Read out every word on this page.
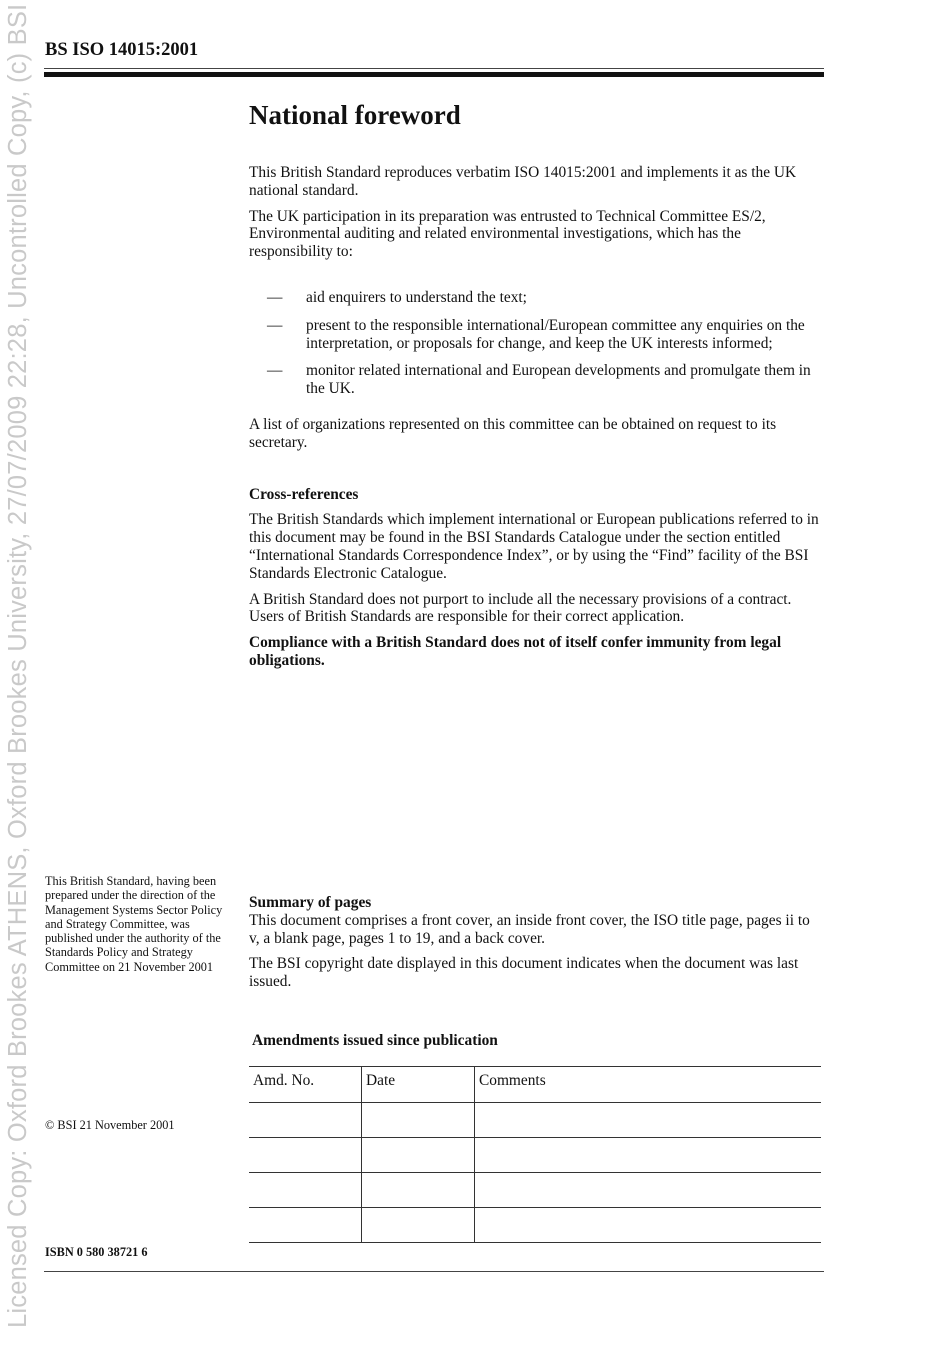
Licensed Copy: Oxford Brookes ATHENS, Oxford Brookes University, 27/07/2009 22:28, Uncontrolled Copy, (c) BSI BS ISO 14015:2001
National foreword

This British Standard reproduces verbatim ISO 14015:2001 and implements it as the UK national standard.

The UK participation in its preparation was entrusted to Technical Committee ES/2, Environmental auditing and related environmental investigations, which has the responsibility to:

— aid enquirers to understand the text;
— present to the responsible international/European committee any enquiries on the interpretation, or proposals for change, and keep the UK interests informed;
— monitor related international and European developments and promulgate them in the UK.

A list of organizations represented on this committee can be obtained on request to its secretary.

Cross-references

The British Standards which implement international or European publications referred to in this document may be found in the BSI Standards Catalogue under the section entitled “International Standards Correspondence Index”, or by using the “Find” facility of the BSI Standards Electronic Catalogue.

A British Standard does not purport to include all the necessary provisions of a contract. Users of British Standards are responsible for their correct application.

Compliance with a British Standard does not of itself confer immunity from legal obligations.

This British Standard, having been prepared under the direction of the Management Systems Sector Policy and Strategy Committee, was published under the authority of the Standards Policy and Strategy Committee on 21 November 2001

Summary of pages

This document comprises a front cover, an inside front cover, the ISO title page, pages ii to v, a blank page, pages 1 to 19, and a back cover.

The BSI copyright date displayed in this document indicates when the document was last issued.

Amendments issued since publication
Amd. No.	Date	Comments

© BSI 21 November 2001
ISBN 0 580 38721 6
